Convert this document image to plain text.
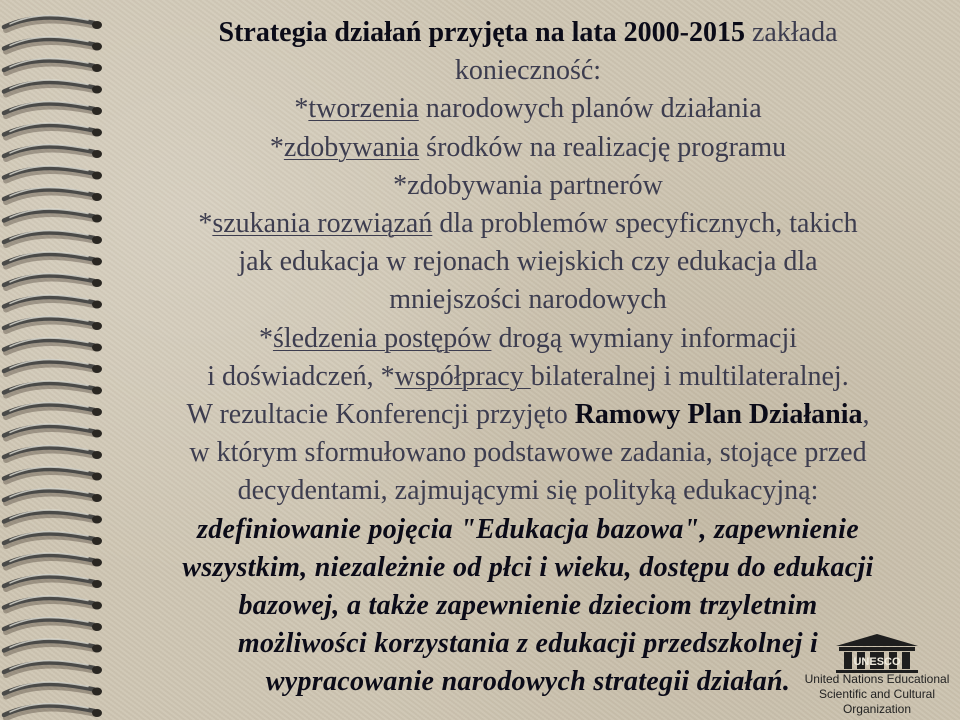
Strategia działań przyjęta na lata 2000-2015 zakłada
konieczność:
*tworzenia narodowych planów działania
*zdobywania środków na realizację programu
*zdobywania partnerów
*szukania rozwiązań dla problemów specyficznych, takich
jak edukacja w rejonach wiejskich czy edukacja dla
mniejszości narodowych
*śledzenia postępów drogą wymiany informacji
i doświadczeń, *współpracy bilateralnej i multilateralnej.
W rezultacie Konferencji przyjęto Ramowy Plan Działania,
w którym sformułowano podstawowe zadania, stojące przed
decydentami, zajmującymi się polityką edukacyjną:
zdefiniowanie pojęcia "Edukacja bazowa", zapewnienie
wszystkim, niezależnie od płci i wieku, dostępu do edukacji
bazowej, a także zapewnienie dzieciom trzyletnim
możliwości korzystania z edukacji przedszkolnej i
wypracowanie narodowych strategii działań.
UNESCO
United Nations Educational
Scientific and Cultural Organization
